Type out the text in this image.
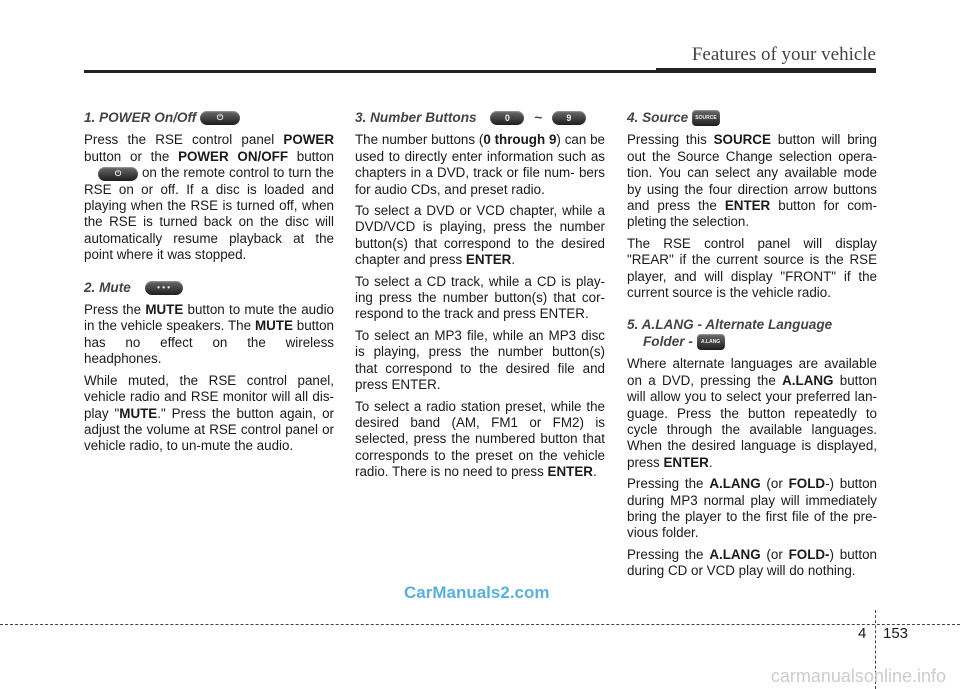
Features of your vehicle
1. POWER On/Off	⏻

Press the RSE control panel POWER button or the POWER ON/OFF button⏻ on the remote control to turn the RSE on or off. If a disc is loaded and playing when the RSE is turned off, when the RSE is turned back on the disc will automatically resume playback at the point where it was stopped.

2. Mute	• • •

Press the MUTE button to mute the audio in the vehicle speakers. The MUTE button has no effect on the wireless headphones.

While muted, the RSE control panel, vehicle radio and RSE monitor will all dis- play "MUTE." Press the button again, or adjust the volume at RSE control panel or vehicle radio, to un-mute the audio.

3. Number Buttons	0 ~	9

The number buttons (0 through 9) can be used to directly enter information such as chapters in a DVD, track or file num- bers for audio CDs, and preset radio.

To select a DVD or VCD chapter, while a DVD/VCD is playing, press the number button(s) that correspond to the desired chapter and press ENTER.

To select a CD track, while a CD is play- ing press the number button(s) that cor- respond to the track and press ENTER.

To select an MP3 file, while an MP3 disc is playing, press the number button(s) that correspond to the desired file and press ENTER.

To select a radio station preset, while the desired band (AM, FM1 or FM2) is selected, press the numbered button that corresponds to the preset on the vehicle radio. There is no need to press ENTER.

4. Source SOURCE

Pressing this SOURCE button will bring out the Source Change selection opera- tion. You can select any available mode by using the four direction arrow buttons and press the ENTER button for com- pleting the selection.

The RSE control panel will display "REAR" if the current source is the RSE player, and will display "FRONT" if the current source is the vehicle radio.

5. A.LANG - Alternate Language
Folder - A.LANG

Where alternate languages are available on a DVD, pressing the A.LANG button will allow you to select your preferred lan- guage. Press the button repeatedly to cycle through the available languages. When the desired language is displayed, press ENTER.

Pressing the A.LANG (or FOLD-) button during MP3 normal play will immediately bring the player to the first file of the pre- vious folder.

Pressing the A.LANG (or FOLD-) button during CD or VCD play will do nothing.

CarManuals2.com
4 153
carmanualsonline.info
